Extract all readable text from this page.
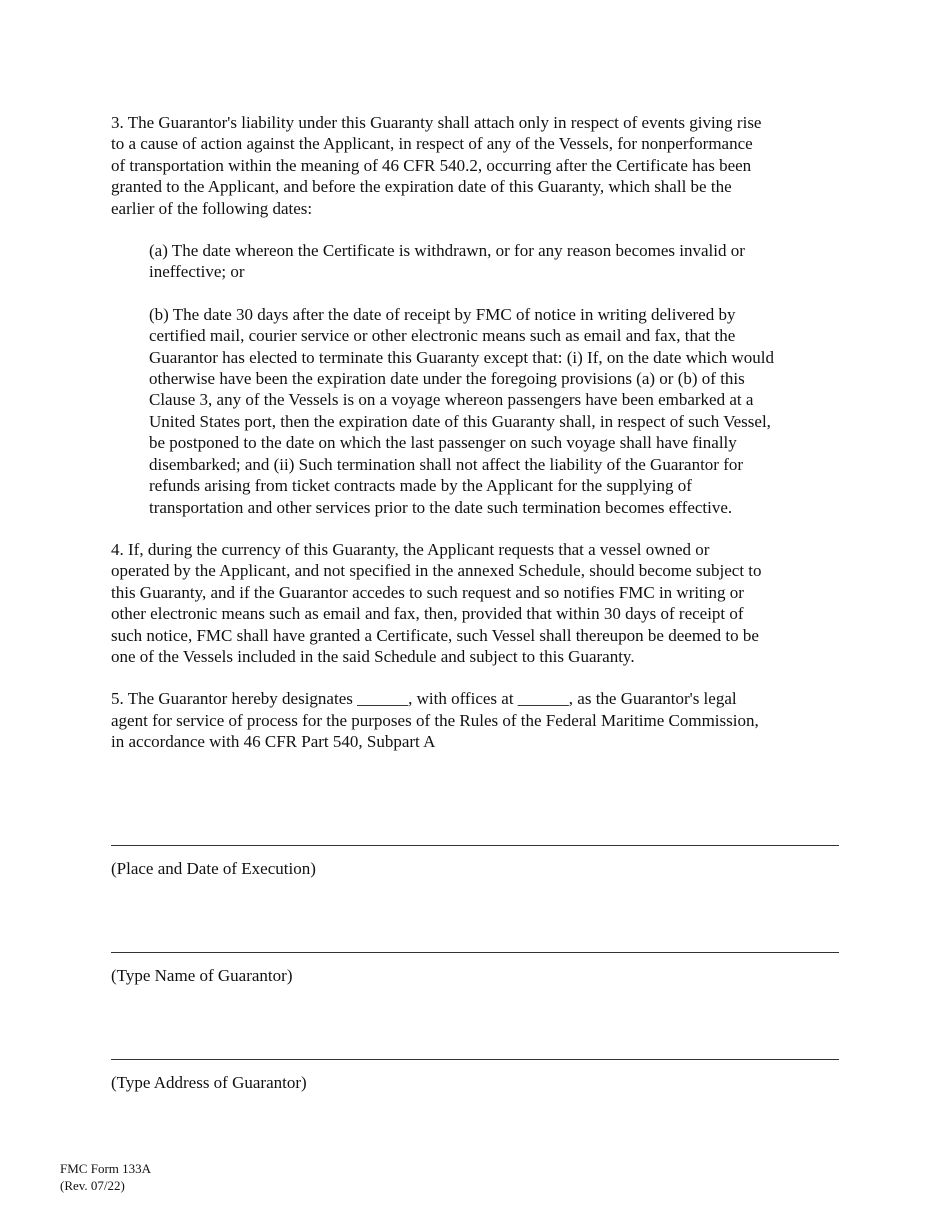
3. The Guarantor's liability under this Guaranty shall attach only in respect of events giving rise
to a cause of action against the Applicant, in respect of any of the Vessels, for nonperformance
of transportation within the meaning of 46 CFR 540.2, occurring after the Certificate has been
granted to the Applicant, and before the expiration date of this Guaranty, which shall be the
earlier of the following dates:

(a) The date whereon the Certificate is withdrawn, or for any reason becomes invalid or
ineffective; or

(b) The date 30 days after the date of receipt by FMC of notice in writing delivered by
certified mail, courier service or other electronic means such as email and fax, that the
Guarantor has elected to terminate this Guaranty except that: (i) If, on the date which would
otherwise have been the expiration date under the foregoing provisions (a) or (b) of this
Clause 3, any of the Vessels is on a voyage whereon passengers have been embarked at a
United States port, then the expiration date of this Guaranty shall, in respect of such Vessel,
be postponed to the date on which the last passenger on such voyage shall have finally
disembarked; and (ii) Such termination shall not affect the liability of the Guarantor for
refunds arising from ticket contracts made by the Applicant for the supplying of
transportation and other services prior to the date such termination becomes effective.

4. If, during the currency of this Guaranty, the Applicant requests that a vessel owned or
operated by the Applicant, and not specified in the annexed Schedule, should become subject to
this Guaranty, and if the Guarantor accedes to such request and so notifies FMC in writing or
other electronic means such as email and fax, then, provided that within 30 days of receipt of
such notice, FMC shall have granted a Certificate, such Vessel shall thereupon be deemed to be
one of the Vessels included in the said Schedule and subject to this Guaranty.

5. The Guarantor hereby designates ______, with offices at ______, as the Guarantor's legal
agent for service of process for the purposes of the Rules of the Federal Maritime Commission,
in accordance with 46 CFR Part 540, Subpart A

(Place and Date of Execution)
(Type Name of Guarantor)
(Type Address of Guarantor)
FMC Form 133A
(Rev. 07/22)
